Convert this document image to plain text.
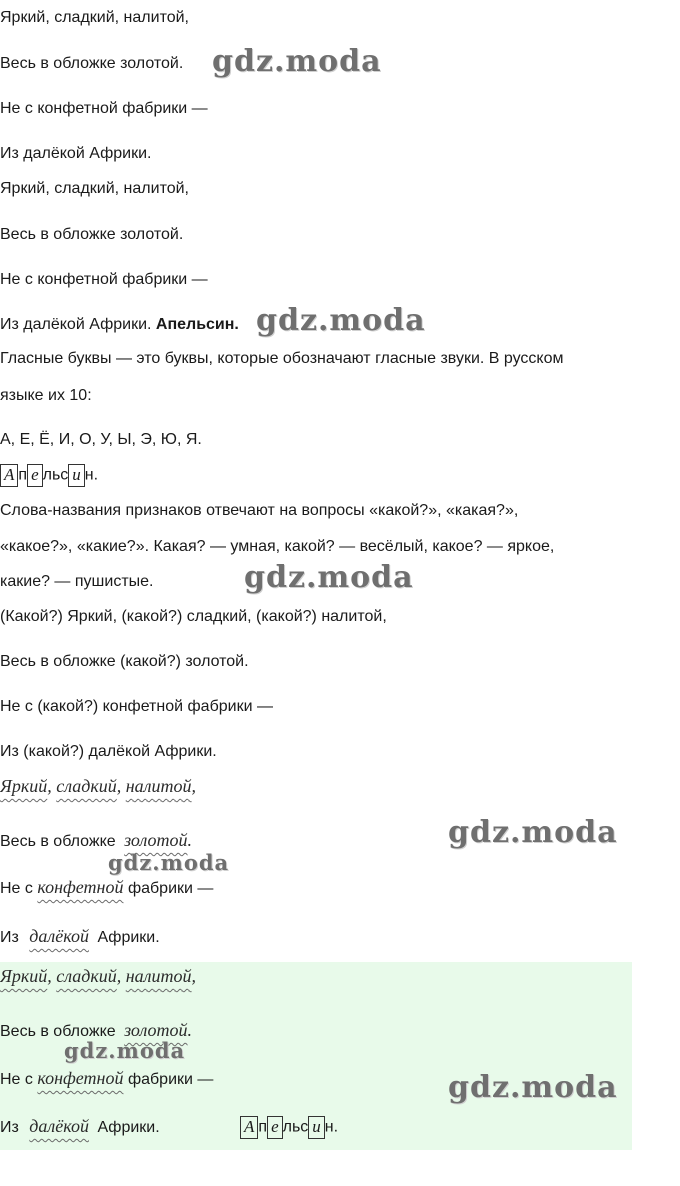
Яркий, сладкий, налитой,
Весь в обложке золотой.
Не с конфетной фабрики —
Из далёкой Африки.
Яркий, сладкий, налитой,
Весь в обложке золотой.
Не с конфетной фабрики —
Из далёкой Африки. Апельсин.
Гласные буквы — это буквы, которые обозначают гласные звуки. В русском
языке их 10:
А, Е, Ё, И, О, У, Ы, Э, Ю, Я.
А п е льс и н.
Слова-названия признаков отвечают на вопросы «какой?», «какая?»,
«какое?», «какие?». Какая? — умная, какой? — весёлый, какое? — яркое,
какие? — пушистые.
(Какой?) Яркий, (какой?) сладкий, (какой?) налитой,
Весь в обложке (какой?) золотой.
Не с (какой?) конфетной фабрики —
Из (какой?) далёкой Африки.
Яркий, сладкий, налитой,
Весь в обложке золотой.
Не с конфетной фабрики —
Из далёкой Африки.
Яркий, сладкий, налитой,
Весь в обложке золотой.
Не с конфетной фабрики —
Из далёкой Африки.	А п е льс и н.
gdz.moda
gdz.moda
gdz.moda
gdz.moda
gdz.moda
gdz.moda
gdz.moda
